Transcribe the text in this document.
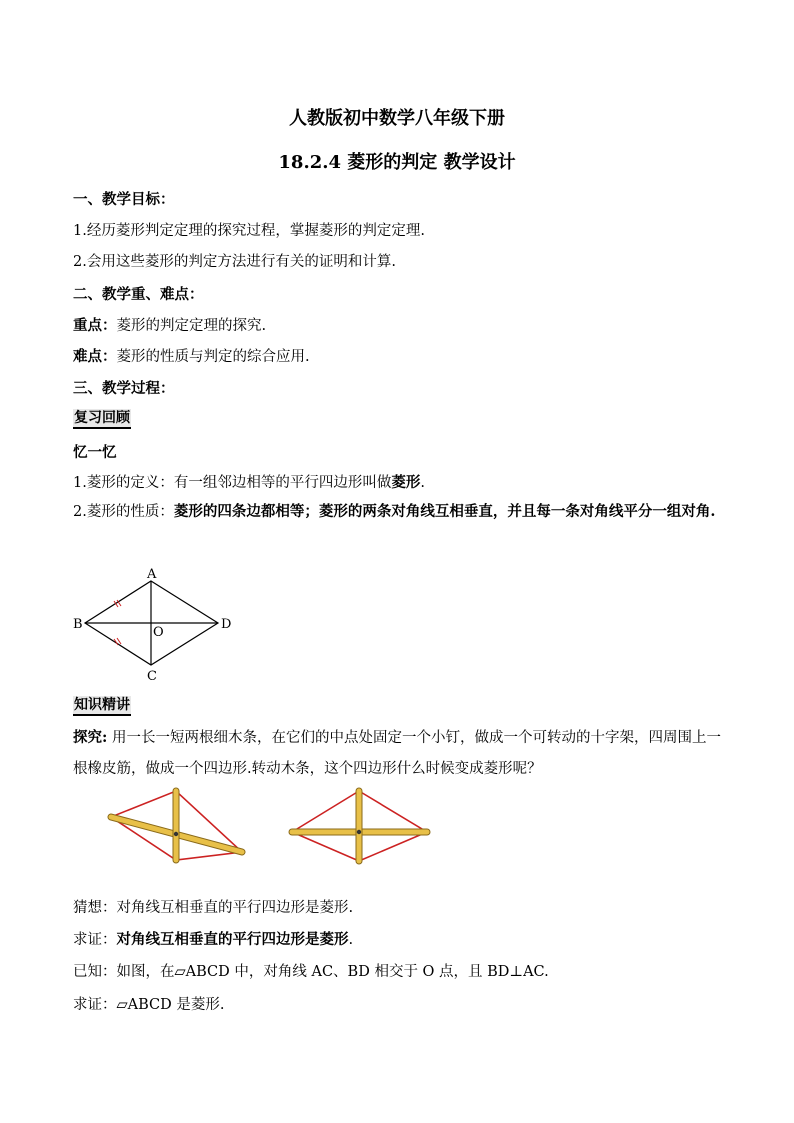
人教版初中数学八年级下册
18.2.4 菱形的判定 教学设计
一、教学目标：
1.经历菱形判定定理的探究过程，掌握菱形的判定定理.
2.会用这些菱形的判定方法进行有关的证明和计算.
二、教学重、难点：
重点：菱形的判定定理的探究.
难点：菱形的性质与判定的综合应用.
三、教学过程：
复习回顾
忆一忆
1.菱形的定义：有一组邻边相等的平行四边形叫做菱形.
2.菱形的性质：菱形的四条边都相等；菱形的两条对角线互相垂直，并且每一条对角线平分一组对角.
A
B
C
D
O
知识精讲
探究: 用一长一短两根细木条，在它们的中点处固定一个小钉，做成一个可转动的十字架，四周围上一根橡皮筋，做成一个四边形.转动木条，这个四边形什么时候变成菱形呢？
猜想：对角线互相垂直的平行四边形是菱形.
求证：对角线互相垂直的平行四边形是菱形.
已知：如图，在▱ABCD 中，对角线 AC、BD 相交于 O 点，且 BD⊥AC.
求证：▱ABCD 是菱形.
